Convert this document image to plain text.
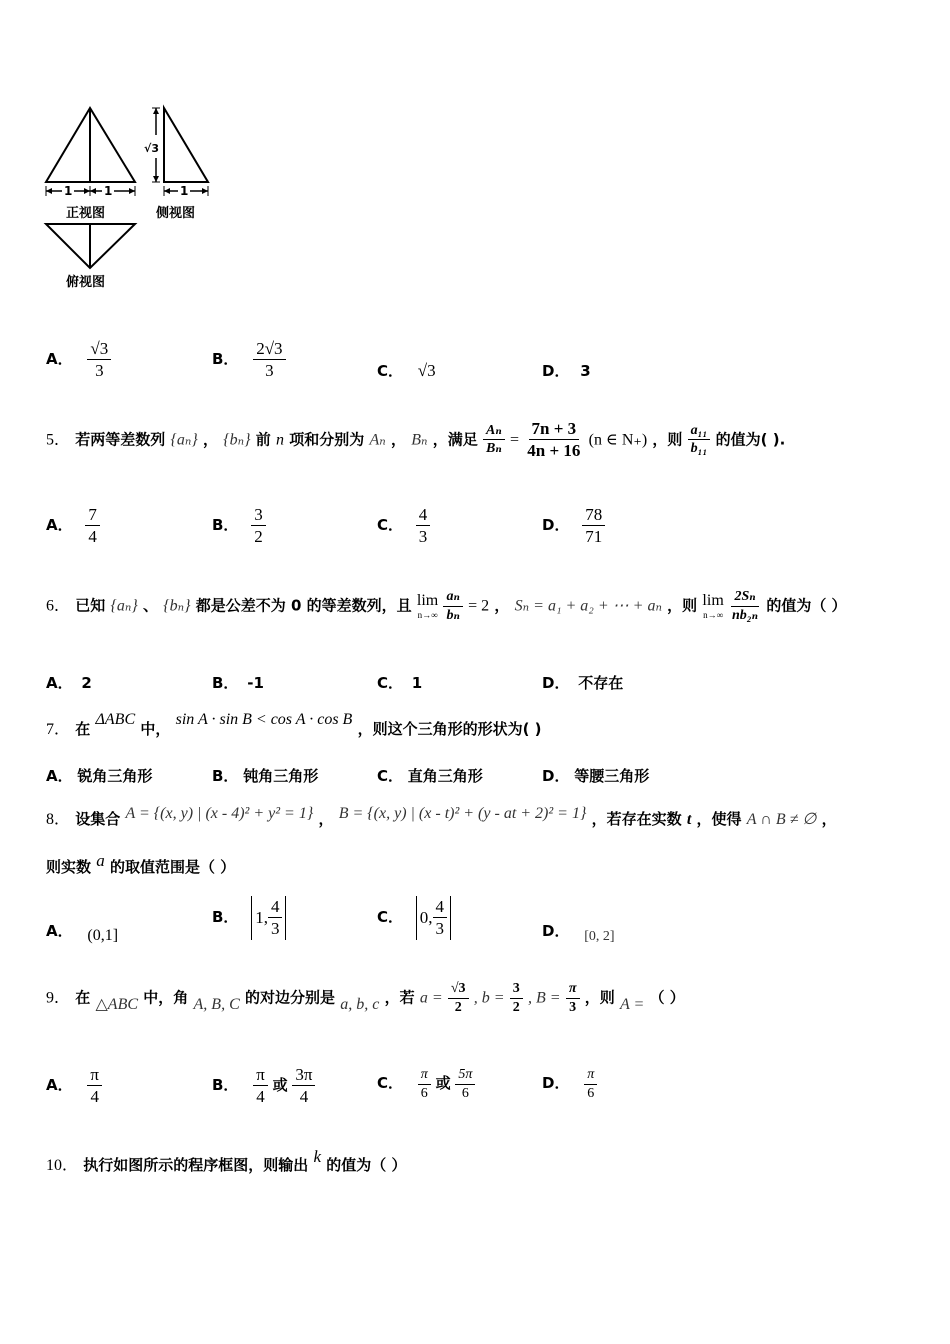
1	1
√3
1
正视图	侧视图
俯视图
A． $\frac{√3}{3}$	B． $\frac{2√3}{3}$	C． √3	D． 3
5． 若两等差数列 {aₙ} ， {bₙ} 前 n 项和分别为 Aₙ ， Bₙ ，满足 $\frac{\text{Aₙ}}{\text{Bₙ}} = \frac{7n + 3}{4n + 16} (n$ ∈ N₊) ，则 $\frac{\text{a₁₁}}{\text{b₁₁}}$ 的值为( ).
A． $\frac{7}{4}$	B． $\frac{3}{2}$	C． $\frac{4}{3}$	D． $\frac{78}{71}$
6． 已知 {aₙ} 、 {bₙ} 都是公差不为 0 的等差数列，且 lim
n→∞
$\frac{\text{aₙ}}{\text{bₙ}} = 2$ ， Sₙ = a₁ + a₂ + ⋯ + aₙ ，则 lim
n→∞
$\frac{\text{2Sₙ}}{\text{nb₂ₙ}}$ 的值为（ ）
A． 2	B． -1	C． 1	D． 不存在
7． 在 ΔABC 中， sin A · sin B < cos A · cos B ，则这个三角形的形状为( )
A． 锐角三角形	B． 钝角三角形	C． 直角三角形	D． 等腰三角形
8． 设集合 A = {(x, y) | (x - 4)² + y² = 1} ， B = {(x, y) | (x - t)² + (y - at + 2)² = 1} ，若存在实数 t ，使得 A ∩ B ≠ ∅ ，
则实数 a 的取值范围是（ ）
A． (0,1]
B． 1, $\frac{4}{3}$	C． 0, $\frac{4}{3}$	D． [0, 2]
9． 在 △ABC 中，角 A, B, C 的对边分别是 a, b, c ，若 $a = \frac{√3}{2}$ , $b = \frac{3}{2}$ , $B = \frac{\pi}{3}$ ，则 A = （ ）
A． $\frac{\pi}{4}$	B． $\frac{\pi}{4}$ 或 $\frac{3\pi}{4}$	C． $\frac{\pi}{6}$ 或 $\frac{5\pi}{6}$	D． $\frac{\pi}{6}$
10． 执行如图所示的程序框图，则输出 k 的值为（ ）
